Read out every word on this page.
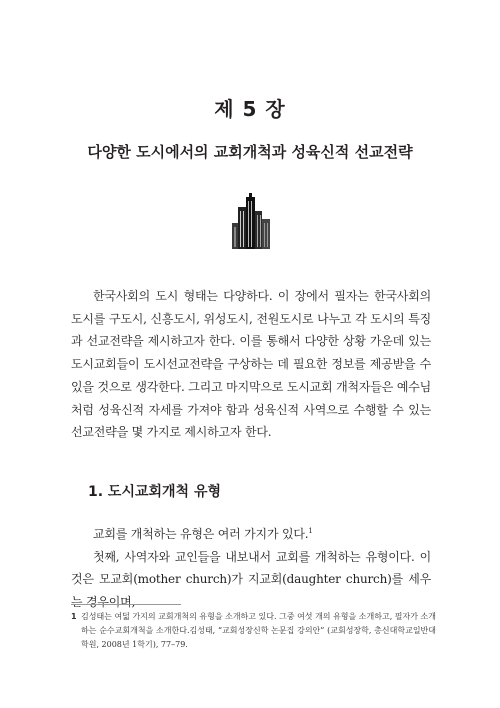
제 5 장
다양한 도시에서의 교회개척과 성육신적 선교전략

한국사회의 도시 형태는 다양하다. 이 장에서 필자는 한국사회의 도시를 구도시, 신흥도시, 위성도시, 전원도시로 나누고 각 도시의 특징과 선교전략을 제시하고자 한다. 이를 통해서 다양한 상황 가운데 있는 도시교회들이 도시선교전략을 구상하는 데 필요한 정보를 제공받을 수 있을 것으로 생각한다. 그리고 마지막으로 도시교회 개척자들은 예수님처럼 성육신적 자세를 가져야 함과 성육신적 사역으로 수행할 수 있는 선교전략을 몇 가지로 제시하고자 한다.

1. 도시교회개척 유형

교회를 개척하는 유형은 여러 가지가 있다.$^1$

첫째, 사역자와 교인들을 내보내서 교회를 개척하는 유형이다. 이것은 모교회(mother church)가 지교회(daughter church)를 세우는 경우이며,

1 김성태는 여덟 가지의 교회개척의 유형을 소개하고 있다. 그중 여섯 개의 유형을 소개하고, 필자가 소개하는 순수교회개척을 소개한다.김성태, “교회성장신학 논문집 강의안” (교회성장학, 총신대학교일반대학원, 2008년 1학기), 77–79.
